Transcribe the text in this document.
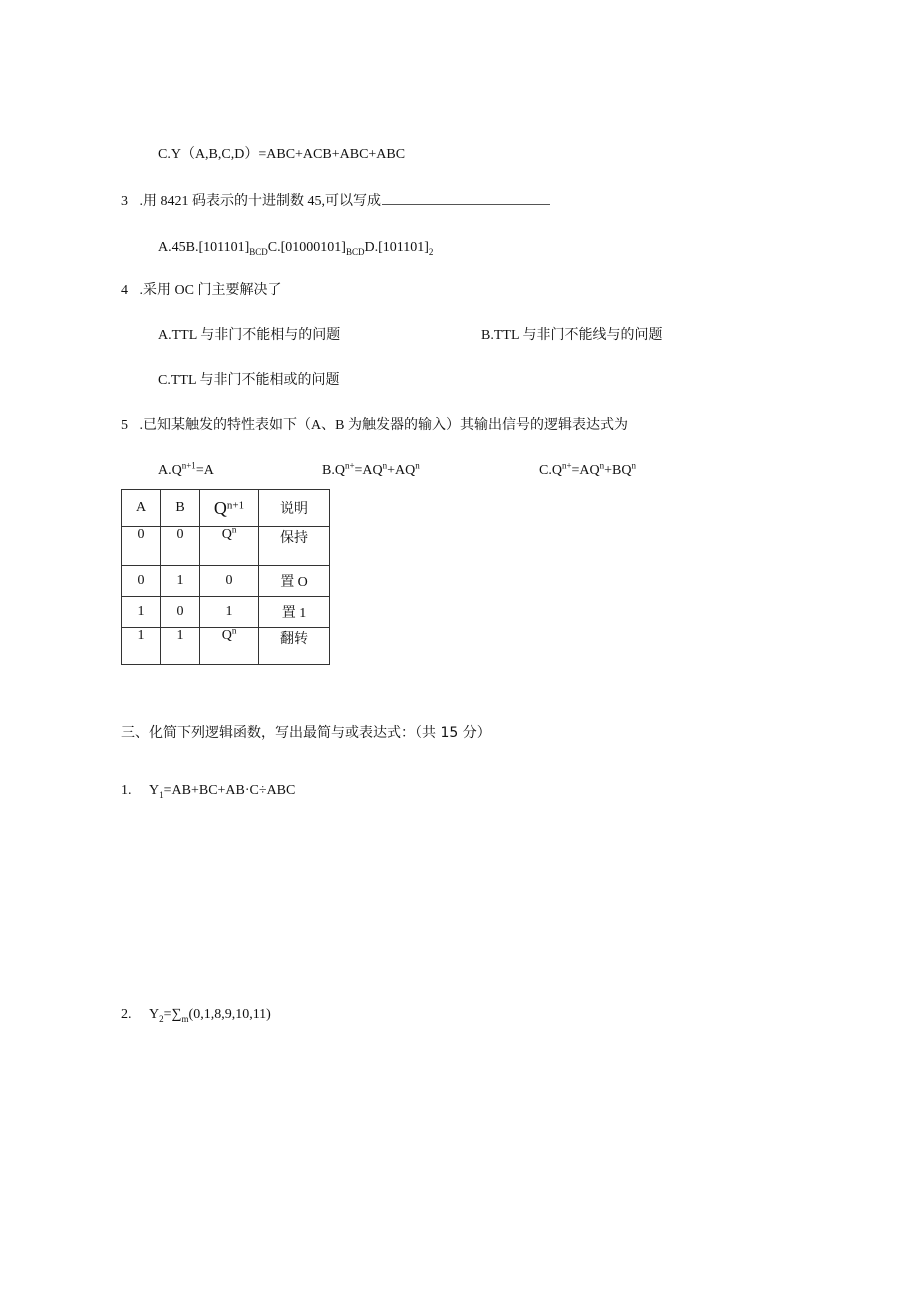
C.Y（A,B,C,D）=ABC+ACB+ABC+ABC
3 .用 8421 码表示的十进制数 45,可以写成
$A.45B.[101101]_{BCD}C.[01000101]_{BCD}D.[101101]_2$
4 .采用 OC 门主要解决了
A.TTL 与非门不能相与的问题	B.TTL 与非门不能线与的问题
C.TTL 与非门不能相或的问题
5 .已知某触发的特性表如下（A、B 为触发器的输入）其输出信号的逻辑表达式为
$A.Q^{n+1}=A$	$B.Q^{n+}=AQ^n+AQ^n$	$C.Q^{n+}=AQ^n+BQ^n$
A	B	$Q^{n+1}$	说明
0	0	$Q^n$	保持
0	1	0	置 O
1	0	1	置 1
1	1	$Q^n$	翻转
三、化简下列逻辑函数，写出最简与或表达式：（共 15 分）
1. $Y_1=AB+BC+AB\cdot C\div ABC$
2. $Y_2=\sum_m(0,1,8,9,10,11)$
